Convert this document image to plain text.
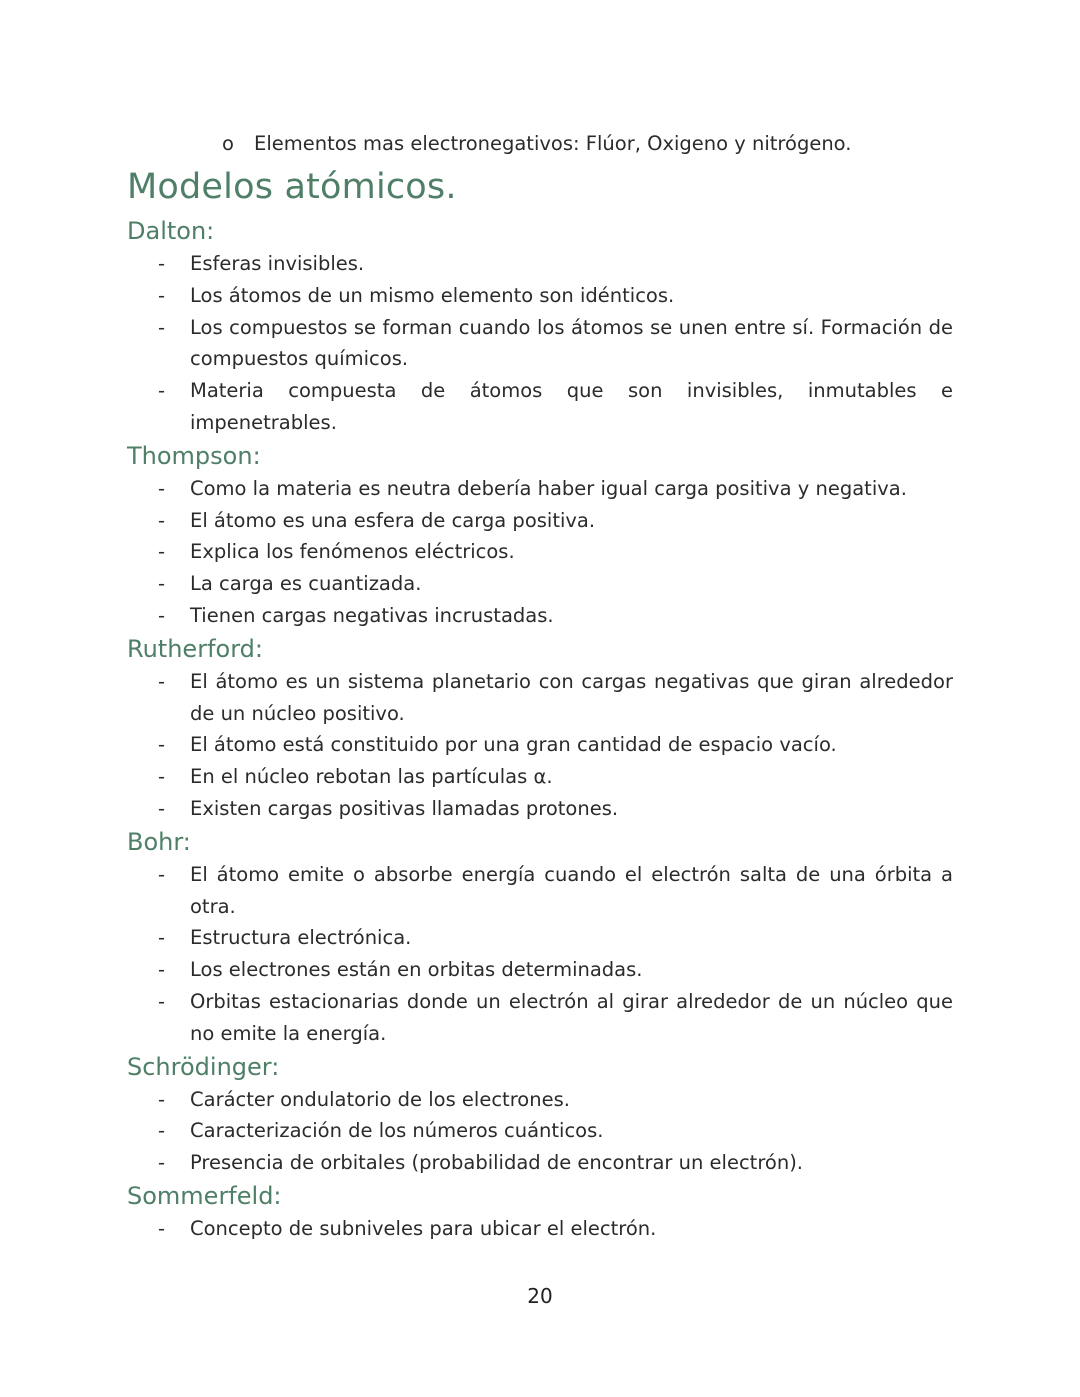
o Elementos mas electronegativos: Flúor, Oxigeno y nitrógeno.
Modelos atómicos.
Dalton:
- Esferas invisibles.
- Los átomos de un mismo elemento son idénticos.
- Los compuestos se forman cuando los átomos se unen entre sí. Formación de compuestos químicos.
- Materia compuesta de átomos que son invisibles, inmutables e impenetrables.
Thompson:
- Como la materia es neutra debería haber igual carga positiva y negativa.
- El átomo es una esfera de carga positiva.
- Explica los fenómenos eléctricos.
- La carga es cuantizada.
- Tienen cargas negativas incrustadas.
Rutherford:
- El átomo es un sistema planetario con cargas negativas que giran alrededor de un núcleo positivo.
- El átomo está constituido por una gran cantidad de espacio vacío.
- En el núcleo rebotan las partículas α.
- Existen cargas positivas llamadas protones.
Bohr:
- El átomo emite o absorbe energía cuando el electrón salta de una órbita a otra.
- Estructura electrónica.
- Los electrones están en orbitas determinadas.
- Orbitas estacionarias donde un electrón al girar alrededor de un núcleo que no emite la energía.
Schrödinger:
- Carácter ondulatorio de los electrones.
- Caracterización de los números cuánticos.
- Presencia de orbitales (probabilidad de encontrar un electrón).
Sommerfeld:
- Concepto de subniveles para ubicar el electrón.
20
